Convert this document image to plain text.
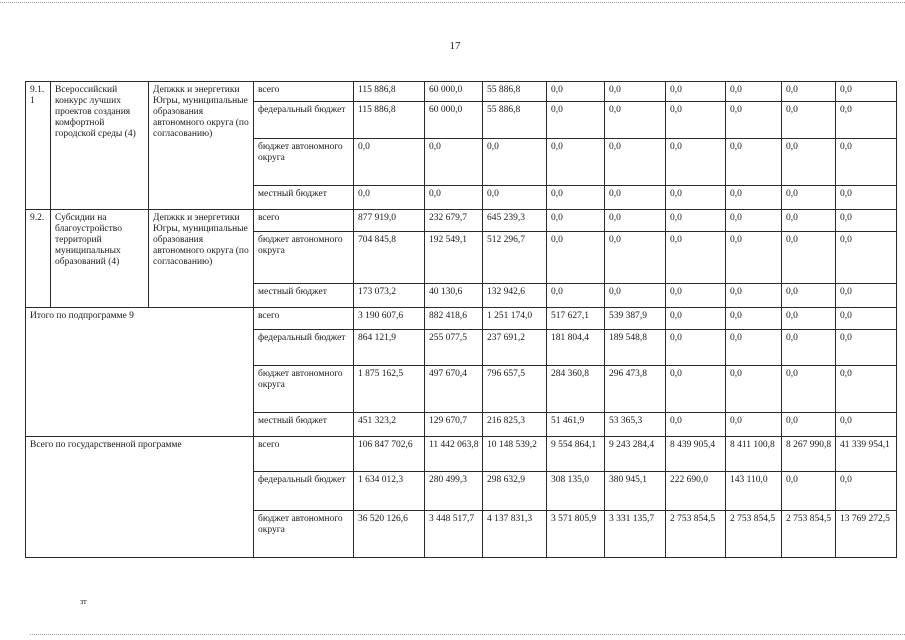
17
9.1.1	Всероссийский конкурс лучших проектов создания комфортной городской среды (4)	Депжкк и энергетики Югры, муниципальные образования автономного округа (по согласованию)	всего	115 886,8	60 000,0	55 886,8	0,0	0,0	0,0	0,0	0,0	0,0
			федеральный бюджет	115 886,8	60 000,0	55 886,8	0,0	0,0	0,0	0,0	0,0	0,0
			бюджет автономного округа	0,0	0,0	0,0	0,0	0,0	0,0	0,0	0,0	0,0
			местный бюджет	0,0	0,0	0,0	0,0	0,0	0,0	0,0	0,0	0,0
9.2.	Субсидии на благоустройство территорий муниципальных образований (4)	Депжкк и энергетики Югры, муниципальные образования автономного округа (по согласованию)	всего	877 919,0	232 679,7	645 239,3	0,0	0,0	0,0	0,0	0,0	0,0
			бюджет автономного округа	704 845,8	192 549,1	512 296,7	0,0	0,0	0,0	0,0	0,0	0,0
			местный бюджет	173 073,2	40 130,6	132 942,6	0,0	0,0	0,0	0,0	0,0	0,0
Итого по подпрограмме 9			всего	3 190 607,6	882 418,6	1 251 174,0	517 627,1	539 387,9	0,0	0,0	0,0	0,0
			федеральный бюджет	864 121,9	255 077,5	237 691,2	181 804,4	189 548,8	0,0	0,0	0,0	0,0
			бюджет автономного округа	1 875 162,5	497 670,4	796 657,5	284 360,8	296 473,8	0,0	0,0	0,0	0,0
			местный бюджет	451 323,2	129 670,7	216 825,3	51 461,9	53 365,3	0,0	0,0	0,0	0,0
Всего по государственной программе			всего	106 847 702,6	11 442 063,8	10 148 539,2	9 554 864,1	9 243 284,4	8 439 905,4	8 411 100,8	8 267 990,8	41 339 954,1
			федеральный бюджет	1 634 012,3	280 499,3	298 632,9	308 135,0	380 945,1	222 690,0	143 110,0	0,0	0,0
			бюджет автономного округа	36 520 126,6	3 448 517,7	4 137 831,3	3 571 805,9	3 331 135,7	2 753 854,5	2 753 854,5	2 753 854,5	13 769 272,5
зт
